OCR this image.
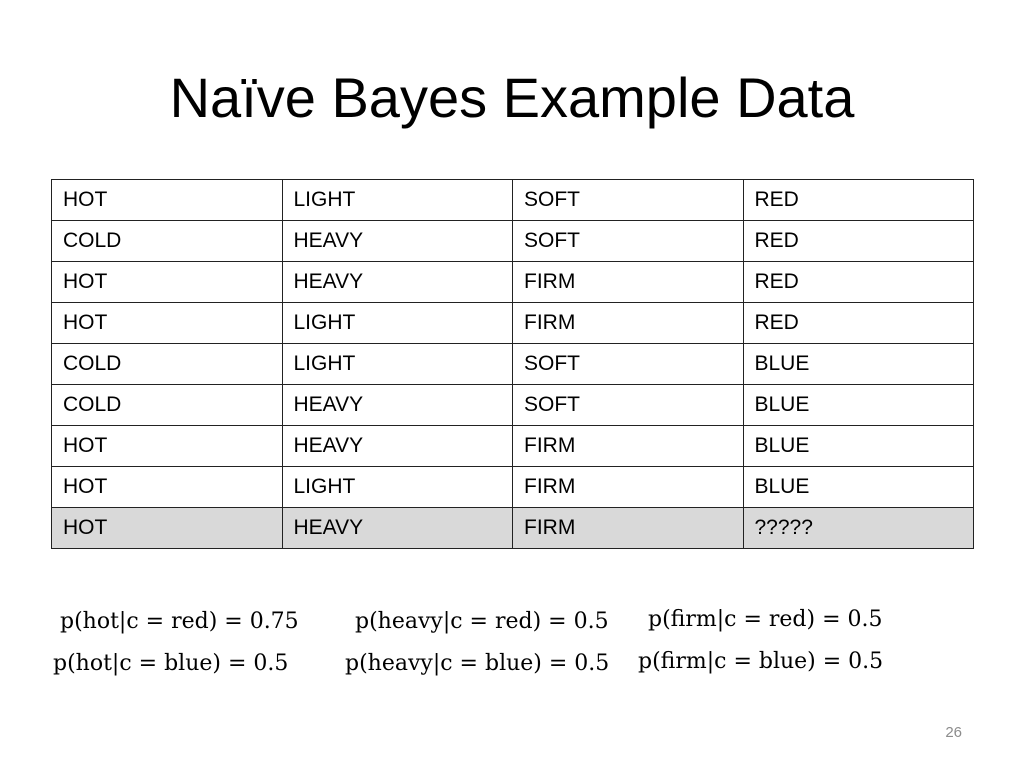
Naïve Bayes Example Data
HOT	LIGHT	SOFT	RED
COLD	HEAVY	SOFT	RED
HOT	HEAVY	FIRM	RED
HOT	LIGHT	FIRM	RED
COLD	LIGHT	SOFT	BLUE
COLD	HEAVY	SOFT	BLUE
HOT	HEAVY	FIRM	BLUE
HOT	LIGHT	FIRM	BLUE
HOT	HEAVY	FIRM	?????
p(hot|c = red) = 0.75	p(heavy|c = red) = 0.5 p(firm|c = red) = 0.5
p(hot|c = blue) = 0.5	p(heavy|c = blue) = 0.5 p(firm|c = blue) = 0.5
26
